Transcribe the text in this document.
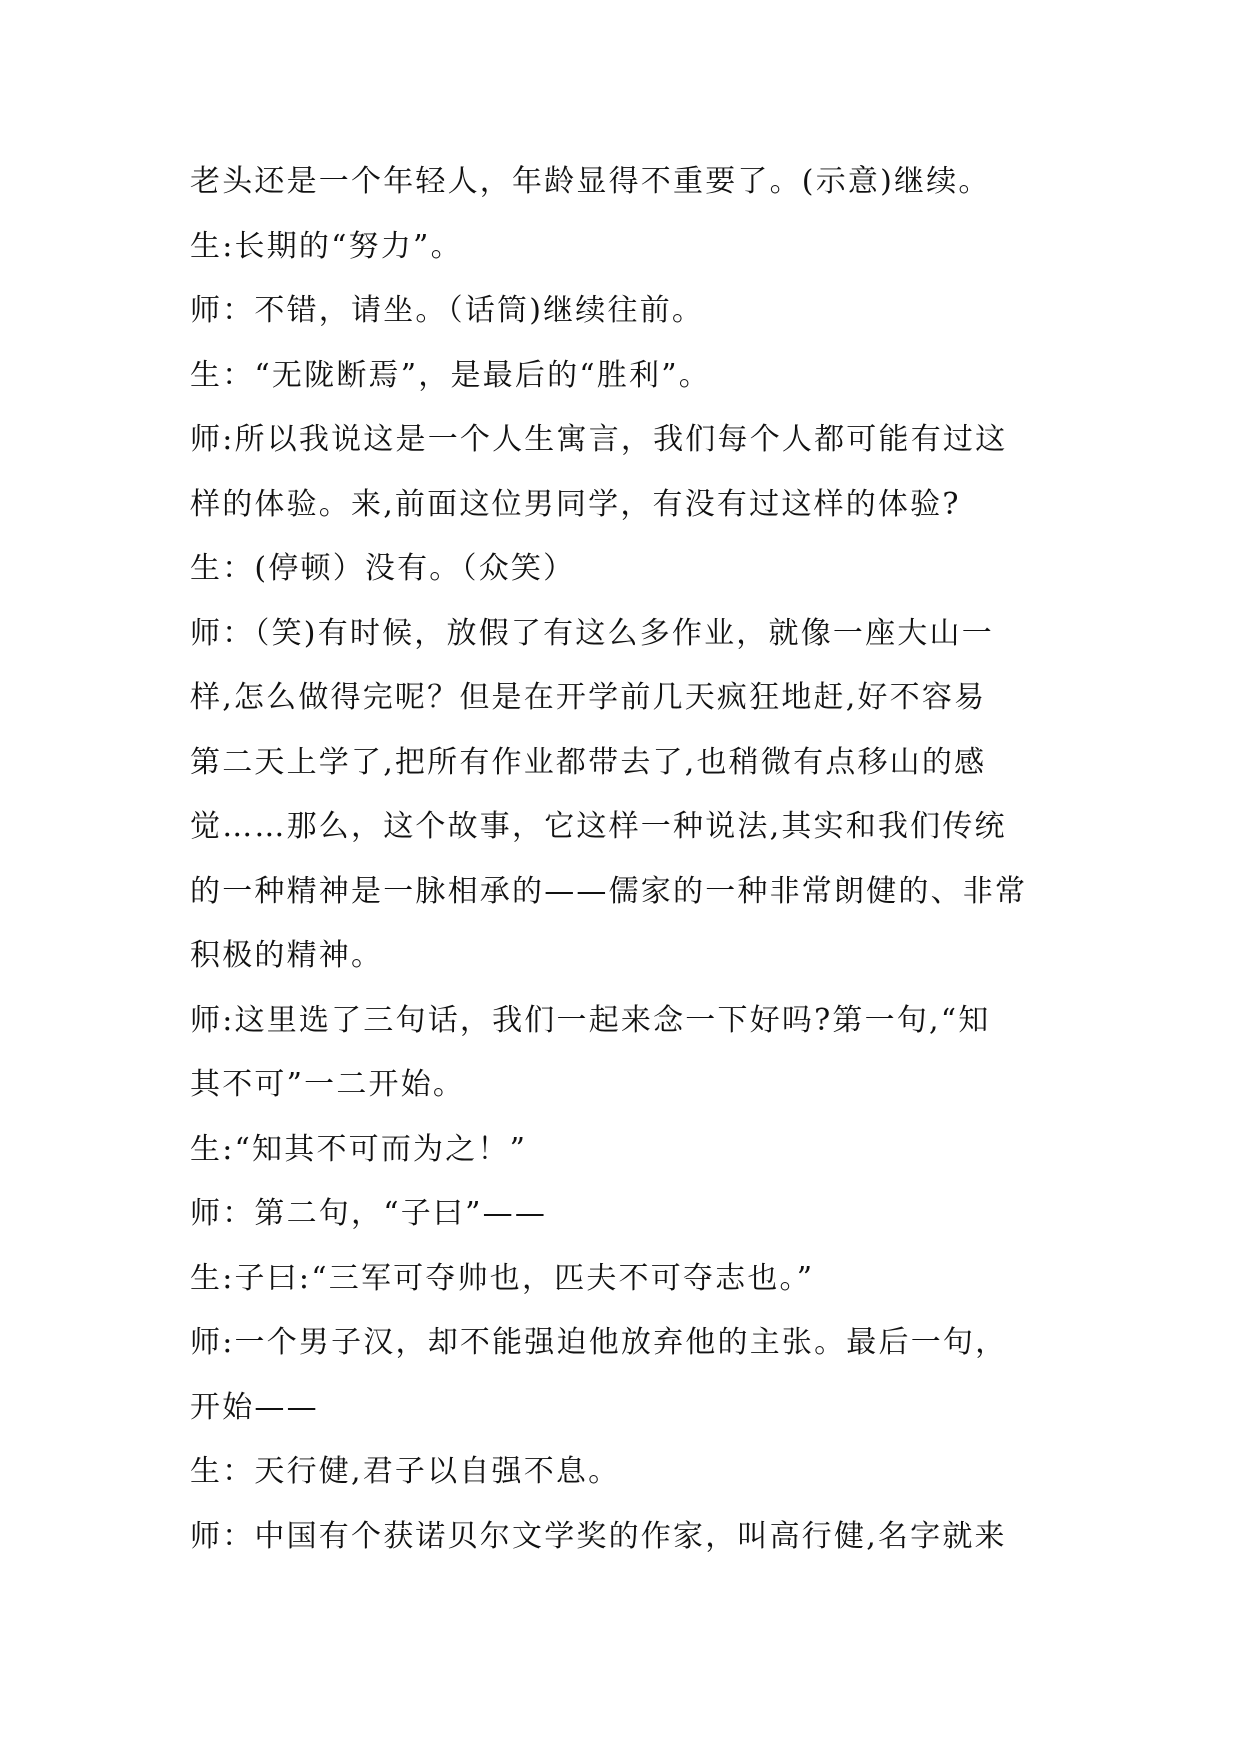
老头还是一个年轻人，年龄显得不重要了。(示意)继续。
生:长期的“努力”。
师：不错，请坐。（话筒)继续往前。
生：“无陇断焉”，是最后的“胜利”。
师:所以我说这是一个人生寓言，我们每个人都可能有过这
样的体验。来,前面这位男同学，有没有过这样的体验?
生：(停顿）没有。（众笑）
师：（笑)有时候，放假了有这么多作业，就像一座大山一
样,怎么做得完呢？但是在开学前几天疯狂地赶,好不容易
第二天上学了,把所有作业都带去了,也稍微有点移山的感
觉……那么，这个故事，它这样一种说法,其实和我们传统
的一种精神是一脉相承的——儒家的一种非常朗健的、非常
积极的精神。
师:这里选了三句话，我们一起来念一下好吗?第一句,“知
其不可”一二开始。
生:“知其不可而为之！”
师：第二句，“子曰”——
生:子曰:“三军可夺帅也，匹夫不可夺志也。”
师:一个男子汉，却不能强迫他放弃他的主张。最后一句，
开始——
生：天行健,君子以自强不息。
师：中国有个获诺贝尔文学奖的作家，叫高行健,名字就来
